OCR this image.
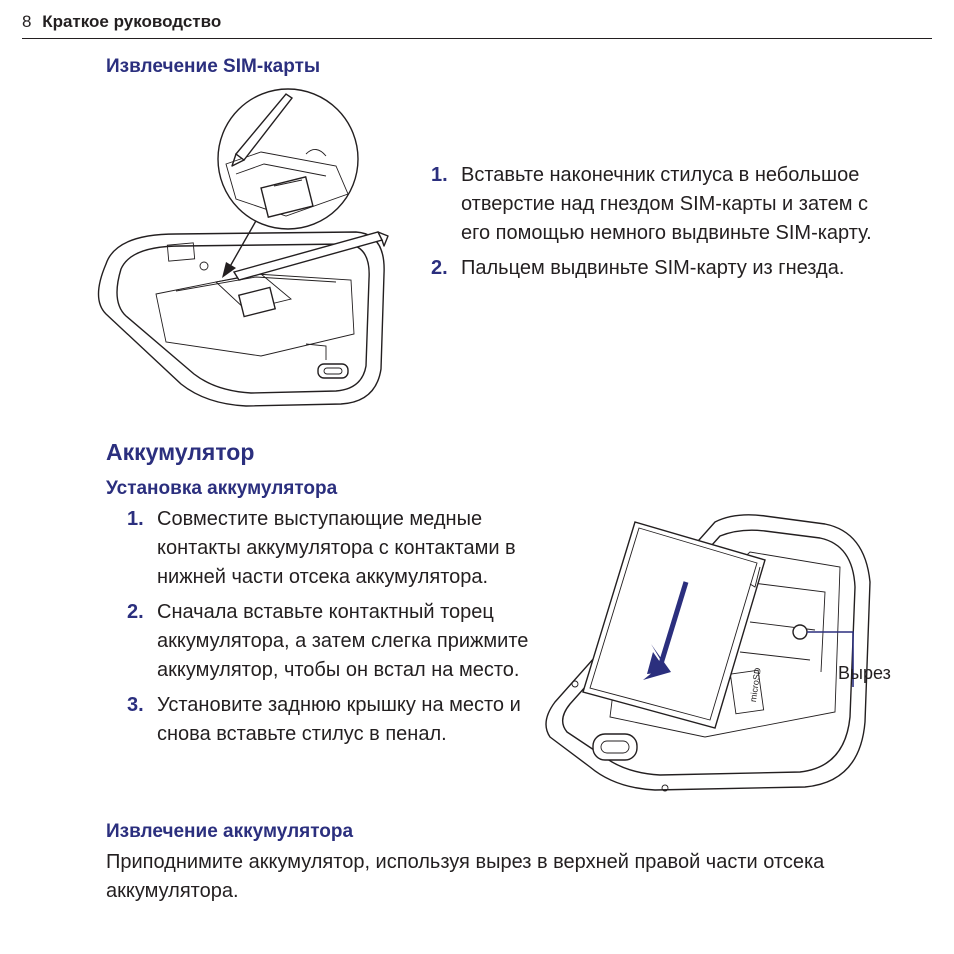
8 Краткое руководство
Извлечение SIM-карты
1. Вставьте наконечник стилуса в небольшое отверстие над гнездом SIM-карты и затем с его помощью немного выдвиньте SIM-карту.
2. Пальцем выдвиньте SIM-карту из гнезда.
Аккумулятор
Установка аккумулятора
1. Совместите выступающие медные контакты аккумулятора с контактами в нижней части отсека аккумулятора.
2. Сначала вставьте контактный торец аккумулятора, а затем слегка прижмите аккумулятор, чтобы он встал на место.
3. Установите заднюю крышку на место и снова вставьте стилус в пенал.
microSD	Вырез
Извлечение аккумулятора
Приподнимите аккумулятор, используя вырез в верхней правой части отсека аккумулятора.
